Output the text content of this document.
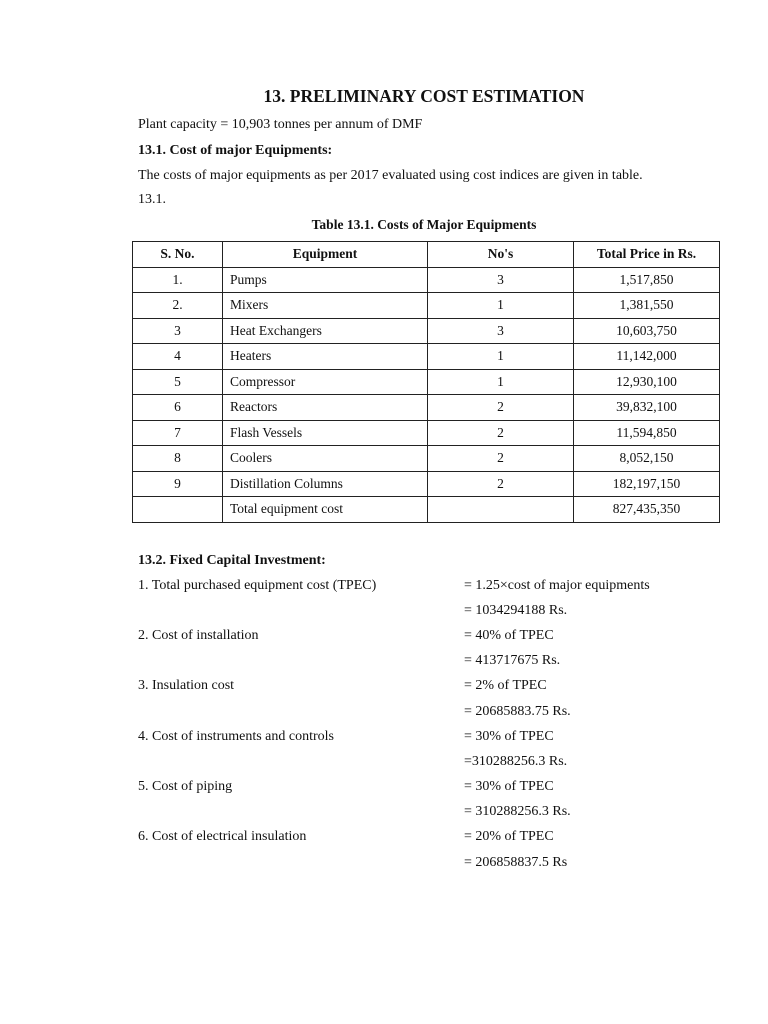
13. PRELIMINARY COST ESTIMATION
Plant capacity = 10,903 tonnes per annum of DMF
13.1. Cost of major Equipments:
The costs of major equipments as per 2017 evaluated using cost indices are given in table.
13.1.
Table 13.1. Costs of Major Equipments
S. No.	Equipment	No's	Total Price in Rs.
1.	Pumps	3	1,517,850
2.	Mixers	1	1,381,550
3	Heat Exchangers	3	10,603,750
4	Heaters	1	11,142,000
5	Compressor	1	12,930,100
6	Reactors	2	39,832,100
7	Flash Vessels	2	11,594,850
8	Coolers	2	8,052,150
9	Distillation Columns	2	182,197,150
	Total equipment cost		827,435,350
13.2. Fixed Capital Investment:
1. Total purchased equipment cost (TPEC)	= 1.25×cost of major equipments
= 1034294188 Rs.
2. Cost of installation	= 40% of TPEC
= 413717675 Rs.
3. Insulation cost	= 2% of TPEC
= 20685883.75 Rs.
4. Cost of instruments and controls	= 30% of TPEC
=310288256.3 Rs.
5. Cost of piping	= 30% of TPEC
= 310288256.3 Rs.
6. Cost of electrical insulation	= 20% of TPEC
= 206858837.5 Rs
